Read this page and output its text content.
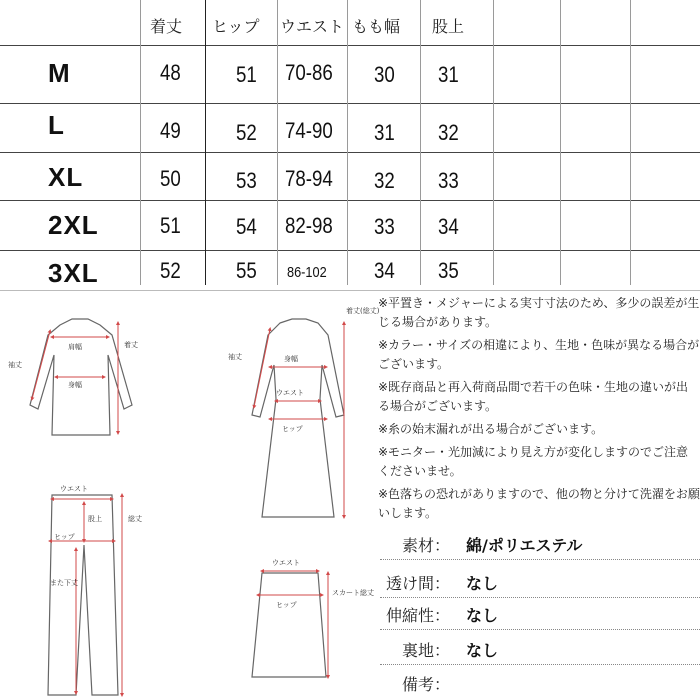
着丈 ヒップ ウエスト もも幅 股上
M	48	51 70-86 30 31
L	49	52 74-90 31 32
XL	50	53 78-94 32 33
2XL	51	54 82-98 33 34
3XL	52	55 86-102 34 35
肩幅
身幅
着丈
袖丈
身幅
ウエスト
ヒップ
着丈(総丈)
袖丈
ウエスト
股上
ヒップ
総丈
また下丈
ウエスト
ヒップ
スカート総丈

※平置き・メジャーによる実寸寸法のため、多少の誤差が生じる場合があります。

※カラー・サイズの相違により、生地・色味が異なる場合がございます。

※既存商品と再入荷商品間で若干の色味・生地の違いが出る場合がございます。

※糸の始末漏れが出る場合がございます。

※モニター・光加減により見え方が変化しますのでご注意くださいませ。

※色落ちの恐れがありますので、他の物と分けて洗濯をお願いします。

素材： 綿/ポリエステル
透け間： なし
伸縮性： なし
裏地： なし
備考：
